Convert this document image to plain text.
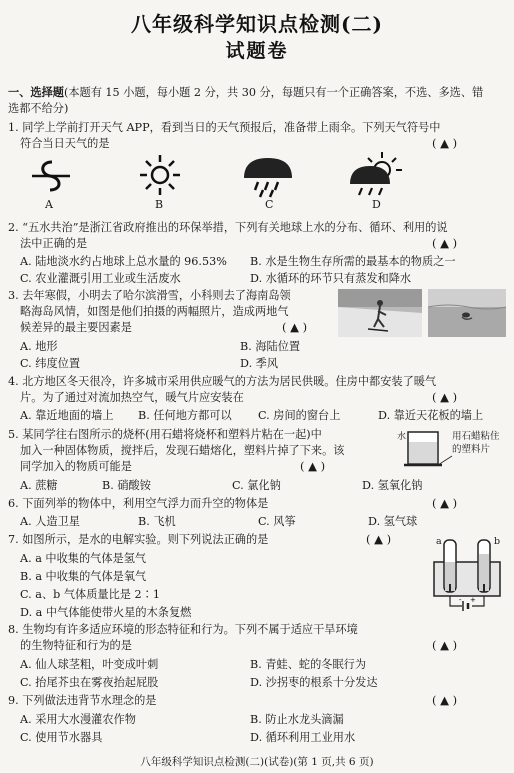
八年级科学知识点检测(二)
试题卷
一、选择题(本题有 15 小题，每小题 2 分，共 30 分，每题只有一个正确答案，不选、多选、错
选都不给分)
1. 同学上学前打开天气 APP，看到当日的天气预报后，准备带上雨伞。下列天气符号中
符合当日天气的是	( ▲ )
A	B	C	D
2. “五水共治”是浙江省政府推出的环保举措，下列有关地球上水的分布、循环、利用的说
法中正确的是	( ▲ )
A. 陆地淡水约占地球上总水量的 96.53% B. 水是生物生存所需的最基本的物质之一
C. 农业灌溉引用工业或生活废水	D. 水循环的环节只有蒸发和降水
3. 去年寒假，小明去了哈尔滨滑雪，小科则去了海南岛领
略海岛风情，如图是他们拍摄的两幅照片，造成两地气
候差异的最主要因素是	( ▲ )
A. 地形	B. 海陆位置
C. 纬度位置	D. 季风
4. 北方地区冬天很冷，许多城市采用供应暖气的方法为居民供暖。住房中都安装了暖气
片。为了通过对流加热空气，暖气片应安装在	( ▲ )
A. 靠近地面的墙上 B. 任何地方都可以 C. 房间的窗台上	D. 靠近天花板的墙上
5. 某同学往右图所示的烧杯(用石蜡将烧杯和塑料片粘在一起)中
加入一种固体物质，搅拌后，发现石蜡熔化，塑料片掉了下来。该
同学加入的物质可能是	( ▲ )
A. 蔗糖	B. 硝酸铵	C. 氯化钠	D. 氢氧化钠
水	用石蜡粘住
的塑料片
6. 下面列举的物体中，利用空气浮力而升空的物体是	( ▲ )
A. 人造卫星	B. 飞机	C. 风筝	D. 氢气球
7. 如图所示，是水的电解实验。则下列说法正确的是	( ▲ )
A. a 中收集的气体是氢气
B. a 中收集的气体是氧气
C. a、b 气体质量比是 2∶1
D. a 中气体能使带火星的木条复燃
- +
a	b
8. 生物均有许多适应环境的形态特征和行为。下列不属于适应干旱环境
的生物特征和行为的是	( ▲ )
A. 仙人球茎粗，叶变成叶刺	B. 青蛙、蛇的冬眠行为
C. 抬尾芥虫在雾夜抬起屁股	D. 沙拐枣的根系十分发达
9. 下列做法违背节水理念的是	( ▲ )
A. 采用大水漫灌农作物	B. 防止水龙头滴漏
C. 使用节水器具	D. 循环利用工业用水
八年级科学知识点检测(二)(试卷)(第 1 页,共 6 页)
